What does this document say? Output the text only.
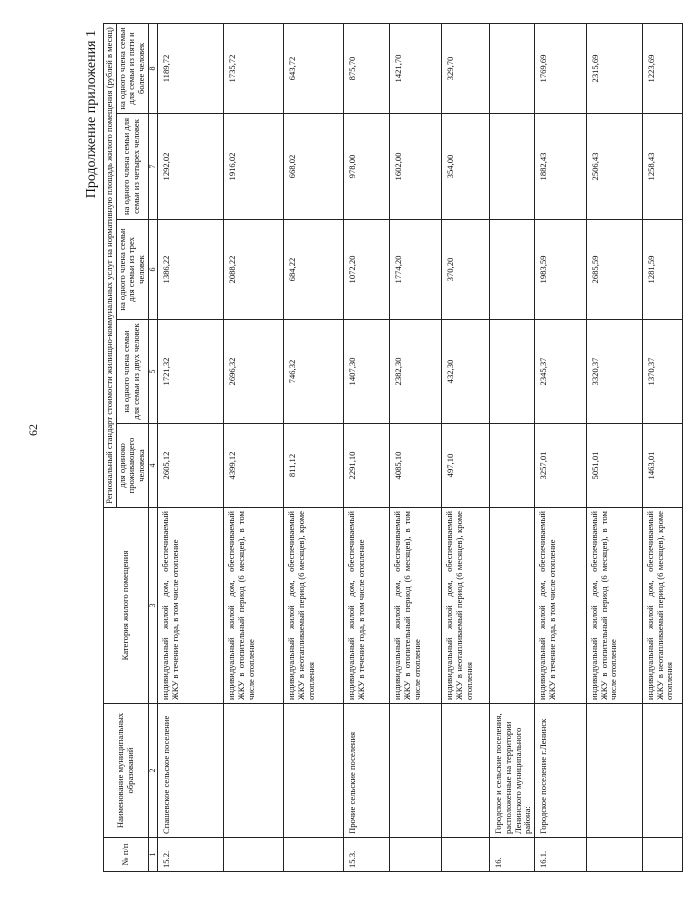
62
Продолжение приложения 1
№ п/п	Наименование муниципальных образований	Категория жилого помещения	Региональный стандарт стоимости жилищно-коммунальных услуг на нормативную площадь жилого помещения (рублей в месяц)				
			для одиноко проживающего человека	на одного члена семьи для семьи из двух человек	на одного члена семьи для семьи из трех человек	на одного члена семьи для семьи из четырех человек	на одного члена семьи для семьи из пяти и более человек
1	2	3	4	5	6	7	8
15.2.	Спашевское сельское поселение	индивидуальный жилой дом, обеспечиваемый ЖКУ в течение года, в том числе отопление	2605,12	1721,32	1386,22	1292,02	1189,72
		индивидуальный жилой дом, обеспечиваемый ЖКУ в отопительный период (6 месяцев), в том числе отопление	4399,12	2696,32	2088,22	1916,02	1735,72
		индивидуальный жилой дом, обеспечиваемый ЖКУ в неотапливаемый период (6 месяцев), кроме отопления	811,12	746,32	684,22	668,02	643,72
15.3.	Прочие сельские поселения	индивидуальный жилой дом, обеспечиваемый ЖКУ в течение года, в том числе отопление	2291,10	1407,30	1072,20	978,00	875,70
		индивидуальный жилой дом, обеспечиваемый ЖКУ в отопительный период (6 месяцев), в том числе отопление	4085,10	2382,30	1774,20	1602,00	1421,70
		индивидуальный жилой дом, обеспечиваемый ЖКУ в неотапливаемый период (6 месяцев), кроме отопления	497,10	432,30	370,20	354,00	329,70
16.	Городское и сельские поселения, расположенные на территории Ленинского муниципального района:						
16.1.	Городское поселение г.Ленинск	индивидуальный жилой дом, обеспечиваемый ЖКУ в течение года, в том числе отопление	3257,01	2345,37	1983,59	1882,43	1769,69
		индивидуальный жилой дом, обеспечиваемый ЖКУ в отопительный период (6 месяцев), в том числе отопление	5051,01	3320,37	2685,59	2506,43	2315,69
		индивидуальный жилой дом, обеспечиваемый ЖКУ в неотапливаемый период (6 месяцев), кроме отопления	1463,01	1370,37	1281,59	1258,43	1223,69
